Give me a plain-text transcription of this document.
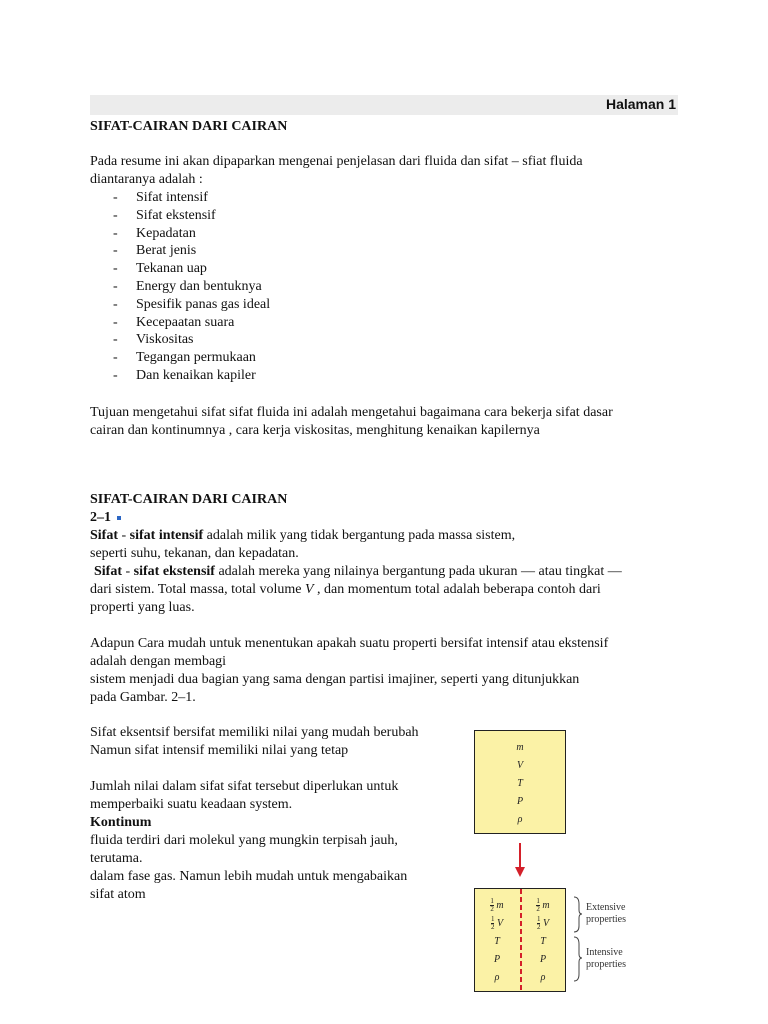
Halaman 1
SIFAT-CAIRAN DARI CAIRAN
Pada resume ini akan dipaparkan mengenai penjelasan dari fluida dan sifat – sfiat fluida
diantaranya adalah :
- Sifat intensif
- Sifat ekstensif
- Kepadatan
- Berat jenis
- Tekanan uap
- Energy dan bentuknya
- Spesifik panas gas ideal
- Kecepaatan suara
- Viskositas
- Tegangan permukaan
- Dan kenaikan kapiler
Tujuan mengetahui sifat sifat fluida ini adalah mengetahui bagaimana cara bekerja sifat dasar
cairan dan kontinumnya , cara kerja viskositas, menghitung kenaikan kapilernya
SIFAT-CAIRAN DARI CAIRAN
2–1
Sifat - sifat intensif adalah milik yang tidak bergantung pada massa sistem,
seperti suhu, tekanan, dan kepadatan.
Sifat - sifat ekstensif adalah mereka yang nilainya bergantung pada ukuran — atau tingkat —
dari sistem. Total massa, total volume V , dan momentum total adalah beberapa contoh dari
properti yang luas.
Adapun Cara mudah untuk menentukan apakah suatu properti bersifat intensif atau ekstensif
adalah dengan membagi
sistem menjadi dua bagian yang sama dengan partisi imajiner, seperti yang ditunjukkan
pada Gambar. 2–1.
Sifat eksentsif bersifat memiliki nilai yang mudah berubah
Namun sifat intensif memiliki nilai yang tetap
Jumlah nilai dalam sifat sifat tersebut diperlukan untuk
memperbaiki suatu keadaan system.
Kontinum
fluida terdiri dari molekul yang mungkin terpisah jauh,
terutama.
dalam fase gas. Namun lebih mudah untuk mengabaikan
sifat atom
m
V
T
P
ρ
$\frac{1}{2}$ m
$\frac{1}{2}$ V
T
P
ρ
$\frac{1}{2}$ m
$\frac{1}{2}$ V
T
P
ρ
Extensive
properties
Intensive
properties
